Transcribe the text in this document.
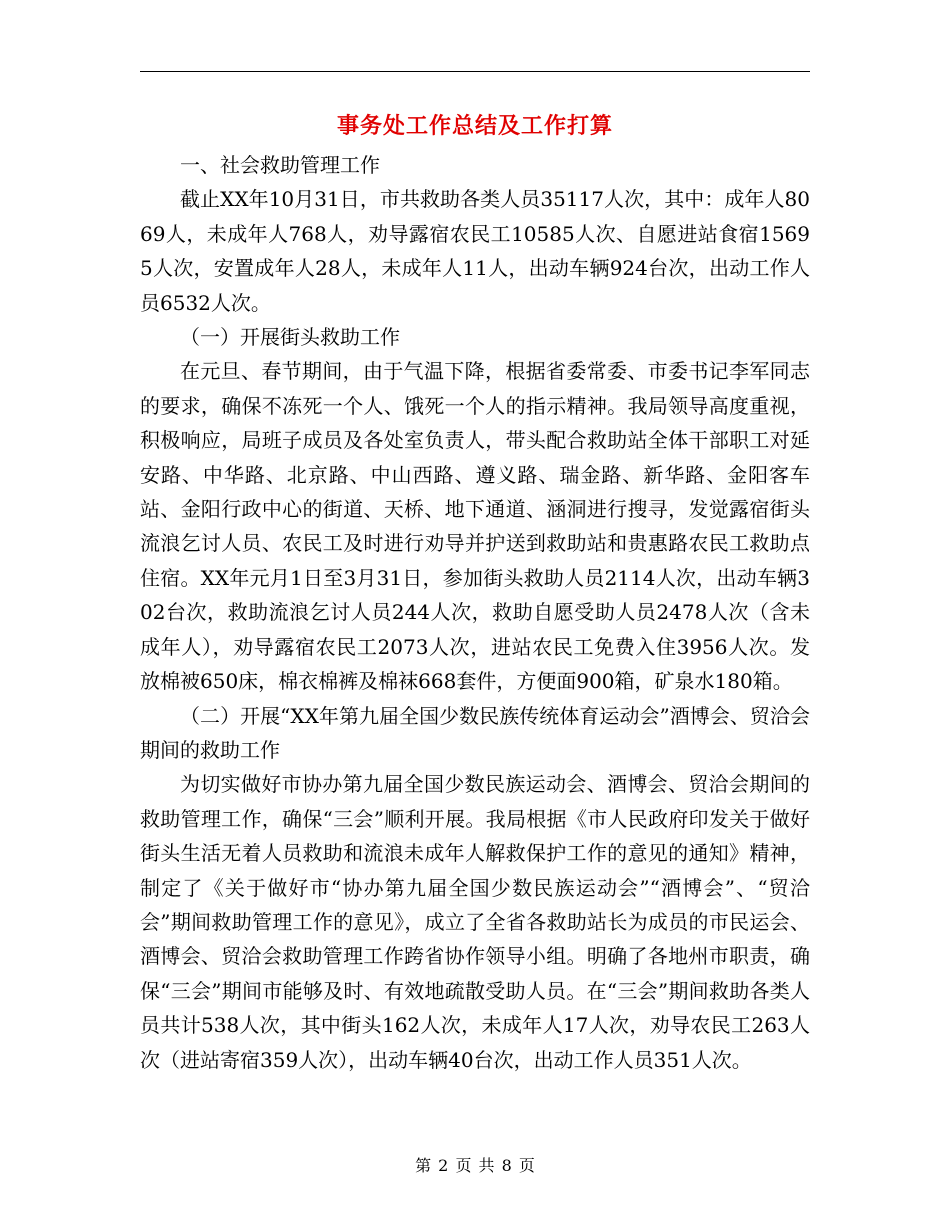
事务处工作总结及工作打算

一、社会救助管理工作

截止XX年10月31日，市共救助各类人员35117人次，其中：成年人8069人，未成年人768人，劝导露宿农民工10585人次、自愿进站食宿15695人次，安置成年人28人，未成年人11人，出动车辆924台次，出动工作人员6532人次。

（一）开展街头救助工作

在元旦、春节期间，由于气温下降，根据省委常委、市委书记李军同志的要求，确保不冻死一个人、饿死一个人的指示精神。我局领导高度重视，积极响应，局班子成员及各处室负责人，带头配合救助站全体干部职工对延安路、中华路、北京路、中山西路、遵义路、瑞金路、新华路、金阳客车站、金阳行政中心的街道、天桥、地下通道、涵洞进行搜寻，发觉露宿街头流浪乞讨人员、农民工及时进行劝导并护送到救助站和贵惠路农民工救助点住宿。XX年元月1日至3月31日，参加街头救助人员2114人次，出动车辆302台次，救助流浪乞讨人员244人次，救助自愿受助人员2478人次（含未成年人），劝导露宿农民工2073人次，进站农民工免费入住3956人次。发放棉被650床，棉衣棉裤及棉袜668套件，方便面900箱，矿泉水180箱。

（二）开展“XX年第九届全国少数民族传统体育运动会”酒博会、贸洽会期间的救助工作

为切实做好市协办第九届全国少数民族运动会、酒博会、贸洽会期间的救助管理工作，确保“三会”顺利开展。我局根据《市人民政府印发关于做好街头生活无着人员救助和流浪未成年人解救保护工作的意见的通知》精神，制定了《关于做好市“协办第九届全国少数民族运动会”“酒博会”、“贸洽会”期间救助管理工作的意见》，成立了全省各救助站长为成员的市民运会、酒博会、贸洽会救助管理工作跨省协作领导小组。明确了各地州市职责，确保“三会”期间市能够及时、有效地疏散受助人员。在“三会”期间救助各类人员共计538人次，其中街头162人次，未成年人17人次，劝导农民工263人次（进站寄宿359人次），出动车辆40台次，出动工作人员351人次。

第 2 页 共 8 页
